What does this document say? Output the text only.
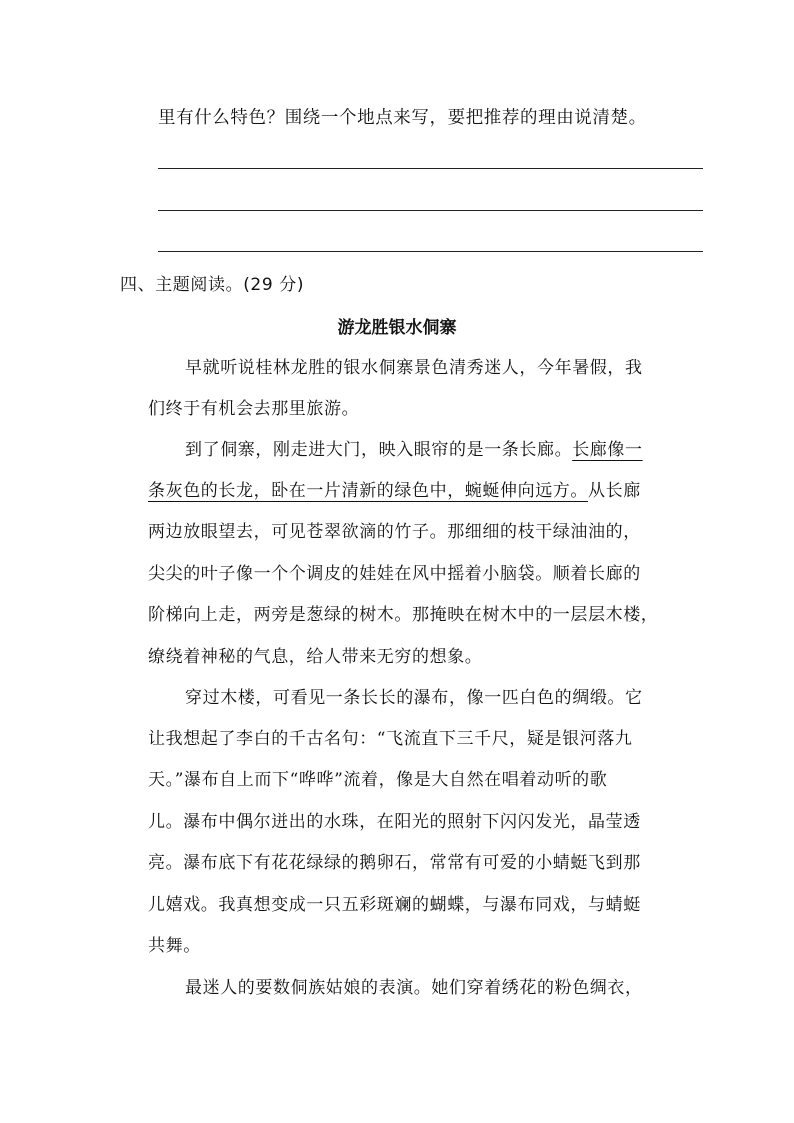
里有什么特色？围绕一个地点来写，要把推荐的理由说清楚。
四、主题阅读。(29 分)
游龙胜银水侗寨
早就听说桂林龙胜的银水侗寨景色清秀迷人，今年暑假，我
们终于有机会去那里旅游。
到了侗寨，刚走进大门，映入眼帘的是一条长廊。长廊像一
条灰色的长龙，卧在一片清新的绿色中，蜿蜒伸向远方。从长廊
两边放眼望去，可见苍翠欲滴的竹子。那细细的枝干绿油油的，
尖尖的叶子像一个个调皮的娃娃在风中摇着小脑袋。顺着长廊的
阶梯向上走，两旁是葱绿的树木。那掩映在树木中的一层层木楼，
缭绕着神秘的气息，给人带来无穷的想象。
穿过木楼，可看见一条长长的瀑布，像一匹白色的绸缎。它
让我想起了李白的千古名句：“飞流直下三千尺，疑是银河落九
天。”瀑布自上而下“哗哗”流着，像是大自然在唱着动听的歌
儿。瀑布中偶尔迸出的水珠，在阳光的照射下闪闪发光，晶莹透
亮。瀑布底下有花花绿绿的鹅卵石，常常有可爱的小蜻蜓飞到那
儿嬉戏。我真想变成一只五彩斑斓的蝴蝶，与瀑布同戏，与蜻蜓
共舞。
最迷人的要数侗族姑娘的表演。她们穿着绣花的粉色绸衣，
